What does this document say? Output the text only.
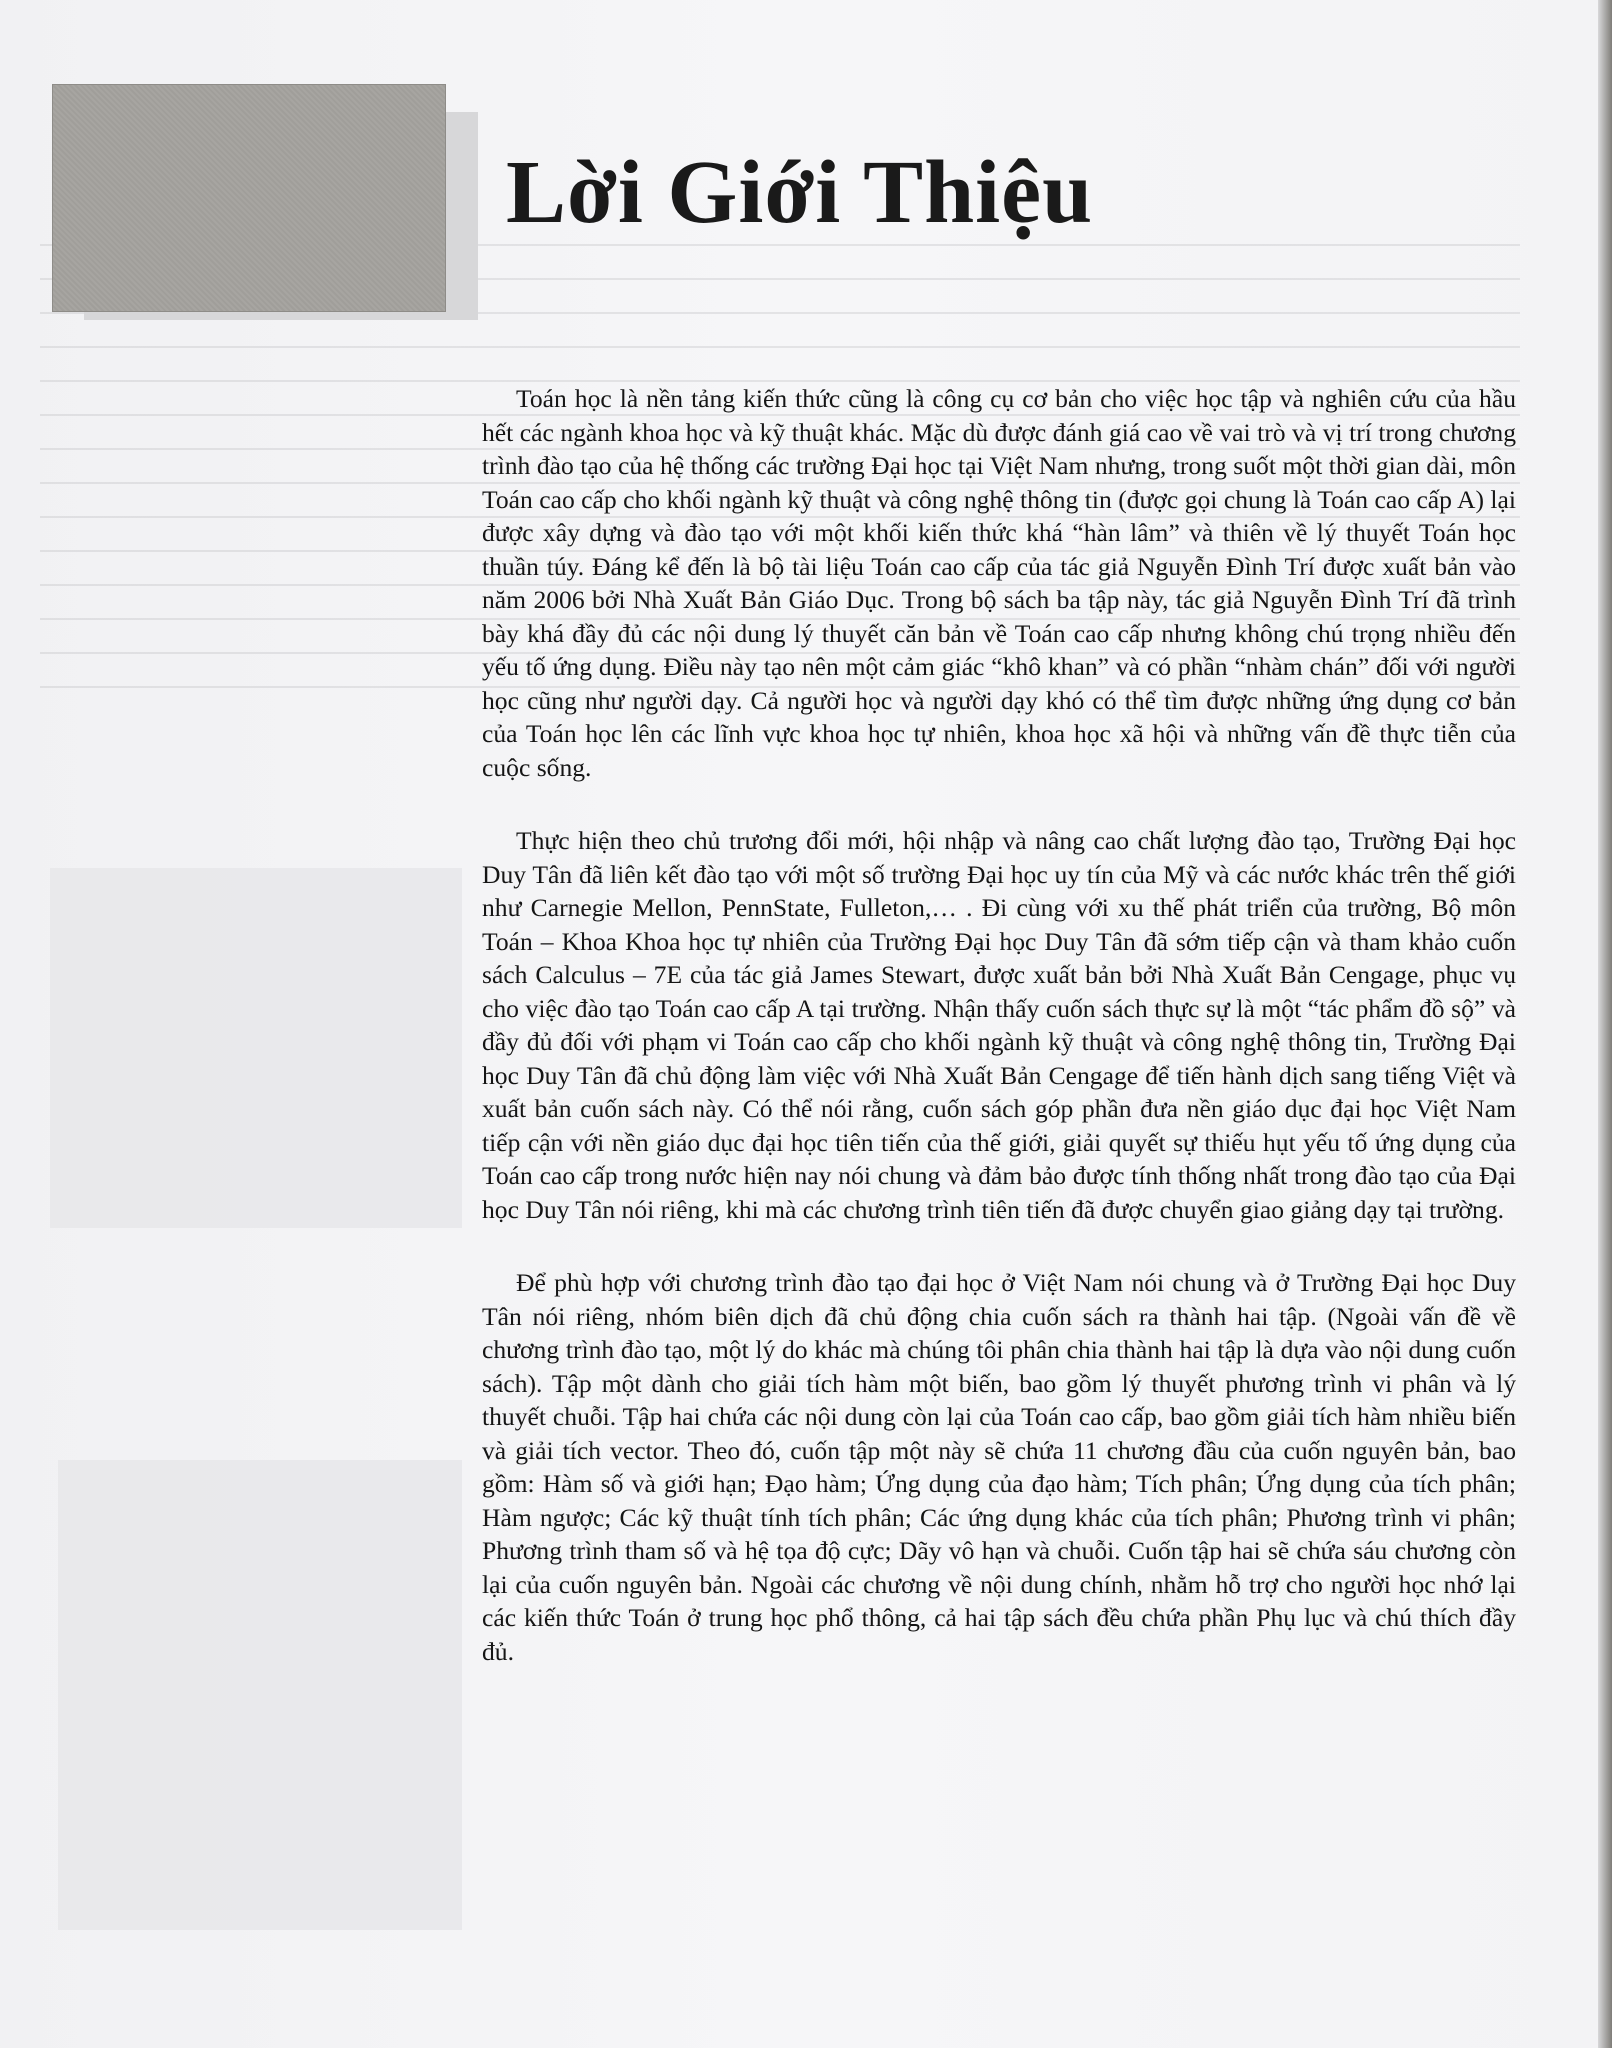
Lời Giới Thiệu

Toán học là nền tảng kiến thức cũng là công cụ cơ bản cho việc học tập và nghiên cứu của hầu hết các ngành khoa học và kỹ thuật khác. Mặc dù được đánh giá cao về vai trò và vị trí trong chương trình đào tạo của hệ thống các trường Đại học tại Việt Nam nhưng, trong suốt một thời gian dài, môn Toán cao cấp cho khối ngành kỹ thuật và công nghệ thông tin (được gọi chung là Toán cao cấp A) lại được xây dựng và đào tạo với một khối kiến thức khá “hàn lâm” và thiên về lý thuyết Toán học thuần túy. Đáng kể đến là bộ tài liệu Toán cao cấp của tác giả Nguyễn Đình Trí được xuất bản vào năm 2006 bởi Nhà Xuất Bản Giáo Dục. Trong bộ sách ba tập này, tác giả Nguyễn Đình Trí đã trình bày khá đầy đủ các nội dung lý thuyết căn bản về Toán cao cấp nhưng không chú trọng nhiều đến yếu tố ứng dụng. Điều này tạo nên một cảm giác “khô khan” và có phần “nhàm chán” đối với người học cũng như người dạy. Cả người học và người dạy khó có thể tìm được những ứng dụng cơ bản của Toán học lên các lĩnh vực khoa học tự nhiên, khoa học xã hội và những vấn đề thực tiễn của cuộc sống.

Thực hiện theo chủ trương đổi mới, hội nhập và nâng cao chất lượng đào tạo, Trường Đại học Duy Tân đã liên kết đào tạo với một số trường Đại học uy tín của Mỹ và các nước khác trên thế giới như Carnegie Mellon, PennState, Fulleton,… . Đi cùng với xu thế phát triển của trường, Bộ môn Toán – Khoa Khoa học tự nhiên của Trường Đại học Duy Tân đã sớm tiếp cận và tham khảo cuốn sách Calculus – 7E của tác giả James Stewart, được xuất bản bởi Nhà Xuất Bản Cengage, phục vụ cho việc đào tạo Toán cao cấp A tại trường. Nhận thấy cuốn sách thực sự là một “tác phẩm đồ sộ” và đầy đủ đối với phạm vi Toán cao cấp cho khối ngành kỹ thuật và công nghệ thông tin, Trường Đại học Duy Tân đã chủ động làm việc với Nhà Xuất Bản Cengage để tiến hành dịch sang tiếng Việt và xuất bản cuốn sách này. Có thể nói rằng, cuốn sách góp phần đưa nền giáo dục đại học Việt Nam tiếp cận với nền giáo dục đại học tiên tiến của thế giới, giải quyết sự thiếu hụt yếu tố ứng dụng của Toán cao cấp trong nước hiện nay nói chung và đảm bảo được tính thống nhất trong đào tạo của Đại học Duy Tân nói riêng, khi mà các chương trình tiên tiến đã được chuyển giao giảng dạy tại trường.

Để phù hợp với chương trình đào tạo đại học ở Việt Nam nói chung và ở Trường Đại học Duy Tân nói riêng, nhóm biên dịch đã chủ động chia cuốn sách ra thành hai tập. (Ngoài vấn đề về chương trình đào tạo, một lý do khác mà chúng tôi phân chia thành hai tập là dựa vào nội dung cuốn sách). Tập một dành cho giải tích hàm một biến, bao gồm lý thuyết phương trình vi phân và lý thuyết chuỗi. Tập hai chứa các nội dung còn lại của Toán cao cấp, bao gồm giải tích hàm nhiều biến và giải tích vector. Theo đó, cuốn tập một này sẽ chứa 11 chương đầu của cuốn nguyên bản, bao gồm: Hàm số và giới hạn; Đạo hàm; Ứng dụng của đạo hàm; Tích phân; Ứng dụng của tích phân; Hàm ngược; Các kỹ thuật tính tích phân; Các ứng dụng khác của tích phân; Phương trình vi phân; Phương trình tham số và hệ tọa độ cực; Dãy vô hạn và chuỗi. Cuốn tập hai sẽ chứa sáu chương còn lại của cuốn nguyên bản. Ngoài các chương về nội dung chính, nhằm hỗ trợ cho người học nhớ lại các kiến thức Toán ở trung học phổ thông, cả hai tập sách đều chứa phần Phụ lục và chú thích đầy đủ.
